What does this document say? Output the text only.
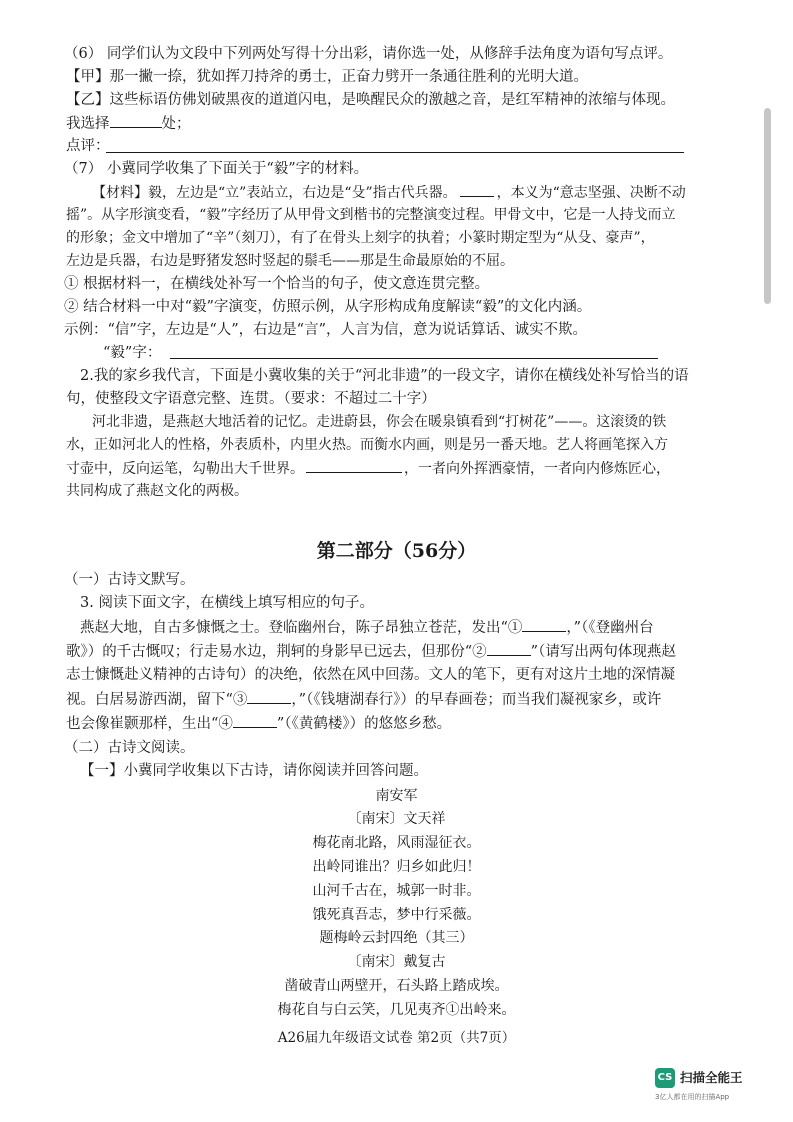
（6） 同学们认为文段中下列两处写得十分出彩，请你选一处，从修辞手法角度为语句写点评。
【甲】那一撇一捺，犹如挥刀持斧的勇士，正奋力劈开一条通往胜利的光明大道。
【乙】这些标语仿佛划破黑夜的道道闪电，是唤醒民众的激越之音，是红军精神的浓缩与体现。
我选择	处；
点评：
（7） 小冀同学收集了下面关于“毅”字的材料。
【材料】毅，左边是“立”表站立，右边是“殳”指古代兵器。	，本义为“意志坚强、决断不动
摇”。从字形演变看，“毅”字经历了从甲骨文到楷书的完整演变过程。甲骨文中，它是一人持戈而立
的形象；金文中增加了“辛”（刻刀），有了在骨头上刻字的执着；小篆时期定型为“从殳、豪声”，
左边是兵器，右边是野猪发怒时竖起的鬃毛——那是生命最原始的不屈。
① 根据材料一，在横线处补写一个恰当的句子，使文意连贯完整。
② 结合材料一中对“毅”字演变，仿照示例，从字形构成角度解读“毅”的文化内涵。
示例：“信”字，左边是“人”，右边是“言”，人言为信，意为说话算话、诚实不欺。
“毅”字：
2.我的家乡我代言，下面是小冀收集的关于“河北非遗”的一段文字，请你在横线处补写恰当的语
句，使整段文字语意完整、连贯。（要求：不超过二十字）
河北非遗，是燕赵大地活着的记忆。走进蔚县，你会在暖泉镇看到“打树花”——。这滚烫的铁
水，正如河北人的性格，外表质朴，内里火热。而衡水内画，则是另一番天地。艺人将画笔探入方
寸壶中，反向运笔，勾勒出大千世界。	，一者向外挥洒豪情，一者向内修炼匠心，
共同构成了燕赵文化的两极。
第二部分（56分）
（一）古诗文默写。
3. 阅读下面文字，在横线上填写相应的句子。
燕赵大地，自古多慷慨之士。登临幽州台，陈子昂独立苍茫，发出“①	，”（《登幽州台
歌》）的千古慨叹；行走易水边，荆轲的身影早已远去，但那份“②	”（请写出两句体现燕赵
志士慷慨赴义精神的古诗句）的决绝，依然在风中回荡。文人的笔下，更有对这片土地的深情凝
视。白居易游西湖，留下“③	，”（《钱塘湖春行》）的早春画卷；而当我们凝视家乡，或许
也会像崔颢那样，生出“④	”（《黄鹤楼》）的悠悠乡愁。
（二）古诗文阅读。
【一】小冀同学收集以下古诗，请你阅读并回答问题。
南安军
〔南宋〕文天祥
梅花南北路，风雨湿征衣。
出岭同谁出？归乡如此归！
山河千古在，城郭一时非。
饿死真吾志，梦中行采薇。
题梅岭云封四绝（其三）
〔南宋〕戴复古
凿破青山两壁开，石头路上踏成埃。
梅花自与白云笑，几见夷齐①出岭来。
A26届九年级语文试卷 第2页（共7页）
CS 扫描全能王
3亿人都在用的扫描App
